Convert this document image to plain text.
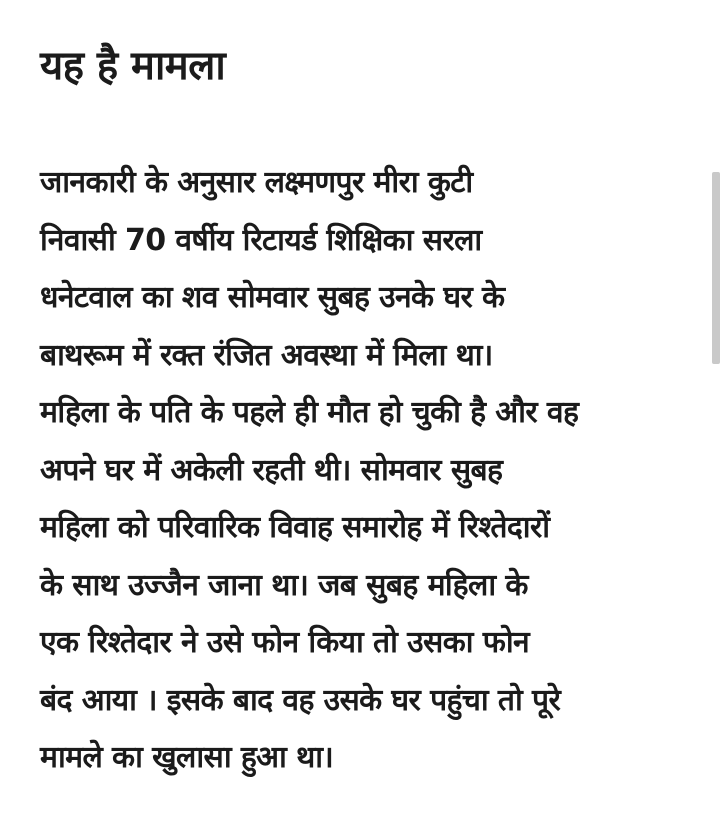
यह है मामला

जानकारी के अनुसार लक्ष्मणपुर मीरा कुटी
निवासी 70 वर्षीय रिटायर्ड शिक्षिका सरला
धनेटवाल का शव सोमवार सुबह उनके घर के
बाथरूम में रक्त रंजित अवस्था में मिला था।
महिला के पति के पहले ही मौत हो चुकी है और वह
अपने घर में अकेली रहती थी। सोमवार सुबह
महिला को परिवारिक विवाह समारोह में रिश्तेदारों
के साथ उज्जैन जाना था। जब सुबह महिला के
एक रिश्तेदार ने उसे फोन किया तो उसका फोन
बंद आया । इसके बाद वह उसके घर पहुंचा तो पूरे
मामले का खुलासा हुआ था।
